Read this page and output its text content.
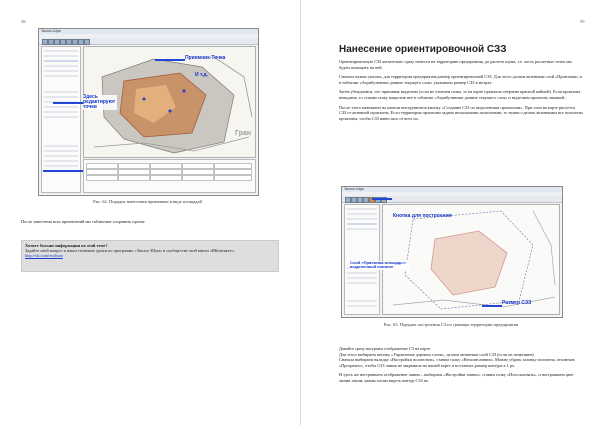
58
Эколог-Шум
Приемник-Точка
И т.д.
Здесь редактируют точки
Гран
Рис. 62. Порядок нанесения приемника в виде площадей
После занесения всех приемлений мы табличные сохранить проект.
Хотите больше информации по этой теме?
Задайте свой вопрос и наши техновые уроки по программе «Эколог-Шум» в сообществе этой книги «ВКонтакте»:
http://vk.com/ecohum
59
Нанесение ориентировочной СЗЗ

Ориентировочную СЗЗ желательно сразу нанести на территорию предприятия, до расчета шума, т.е. часть расчетных точек мы будем помещать на ней.

Сначала нужно указать, для территории предприятия размер ориентировочной СЗЗ. Для этого делаем активным слой «Промзоны» и в табличке «Атрибутивные данные текущего слоя» указываем размер СЗЗ в метрах.

Затем убеждаемся, что приемник выделена (если не отмечен галка, то на карте промзона очерчена красной каймой). Если промзона невидима, то ставим галку напротив нее в табличке «Атрибутивные данные текущего слоя» и выделяем промзону мышкой.

После этого нажимаем на панели инструментов кнопку «Создание СЗЗ по выделенным промзонам». При этом на карте рисуется СЗЗ от активной промзоны. Если территория промзоны задана несколькими полигонами, то нужно сделать активными все полигоны промзоны, чтобы СЗЗ нанеслась от всех их.

Эколог-Шум
Кнопка для построения
Слой «Приемник-площадь»: выделенный полигон
Размер СЗЗ
Рис. 63. Порядок построения СЗ по границы территории предприятия

Давайте сразу настроим отображение СЗ на карте.

Для этого выбираем кнопку «Управление деревом слоев», делаем активным слой СЗЗ (если он неактивен).

Сначала выбираем вкладку «Настройки полигонов», ставим галку «Неполнолинии». Можно убрать заливку полигона, отключив «Прозрачно», чтобы СЗЗ линия не закрывала на нашей карте и поставить размер контура в 1 рх.

И здесь же настраиваем отображение линии – выбираем «Настройки линии», ставим галку «Использовать», и настраиваем цвет линии таким, каким хотим видеть контур СЗЗ на
